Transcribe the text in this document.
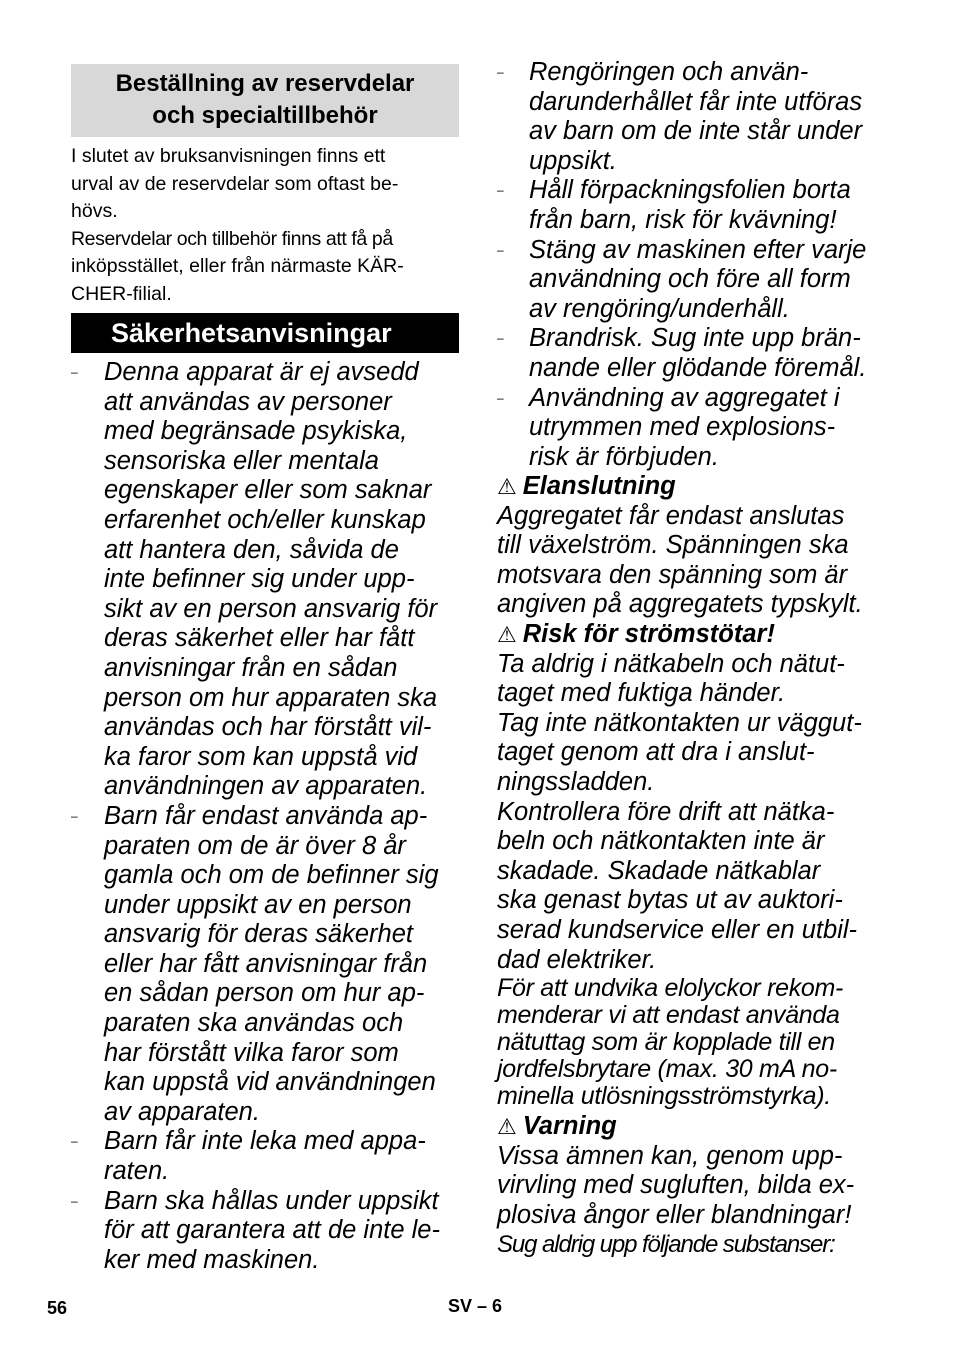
Beställning av reservdelar
och specialtillbehör
I slutet av bruksanvisningen finns ett
urval av de reservdelar som oftast be-
hövs.
Reservdelar och tillbehör finns att få på
inköpsstället, eller från närmaste KÄR-
CHER-filial.
Säkerhetsanvisningar
– Denna apparat är ej avsedd
att användas av personer
med begränsade psykiska,
sensoriska eller mentala
egenskaper eller som saknar
erfarenhet och/eller kunskap
att hantera den, såvida de
inte befinner sig under upp-
sikt av en person ansvarig för
deras säkerhet eller har fått
anvisningar från en sådan
person om hur apparaten ska
användas och har förstått vil-
ka faror som kan uppstå vid
användningen av apparaten.
– Barn får endast använda ap-
paraten om de är över 8 år
gamla och om de befinner sig
under uppsikt av en person
ansvarig för deras säkerhet
eller har fått anvisningar från
en sådan person om hur ap-
paraten ska användas och
har förstått vilka faror som
kan uppstå vid användningen
av apparaten.
– Barn får inte leka med appa-
raten.
– Barn ska hållas under uppsikt
för att garantera att de inte le-
ker med maskinen.
– Rengöringen och använ-
darunderhållet får inte utföras
av barn om de inte står under
uppsikt.
– Håll förpackningsfolien borta
från barn, risk för kvävning!
– Stäng av maskinen efter varje
användning och före all form
av rengöring/underhåll.
– Brandrisk. Sug inte upp brän-
nande eller glödande föremål.
– Användning av aggregatet i
utrymmen med explosions-
risk är förbjuden.
⚠ Elanslutning
Aggregatet får endast anslutas
till växelström. Spänningen ska
motsvara den spänning som är
angiven på aggregatets typskylt.
⚠ Risk för strömstötar!
Ta aldrig i nätkabeln och nätut-
taget med fuktiga händer.
Tag inte nätkontakten ur väggut-
taget genom att dra i anslut-
ningssladden.
Kontrollera före drift att nätka-
beln och nätkontakten inte är
skadade. Skadade nätkablar
ska genast bytas ut av auktori-
serad kundservice eller en utbil-
dad elektriker.
För att undvika elolyckor rekom-
menderar vi att endast använda
nätuttag som är kopplade till en
jordfelsbrytare (max. 30 mA no-
minella utlösningsströmstyrka).
⚠ Varning
Vissa ämnen kan, genom upp-
virvling med sugluften, bilda ex-
plosiva ångor eller blandningar!
Sug aldrig upp följande substanser:
56	SV – 6
